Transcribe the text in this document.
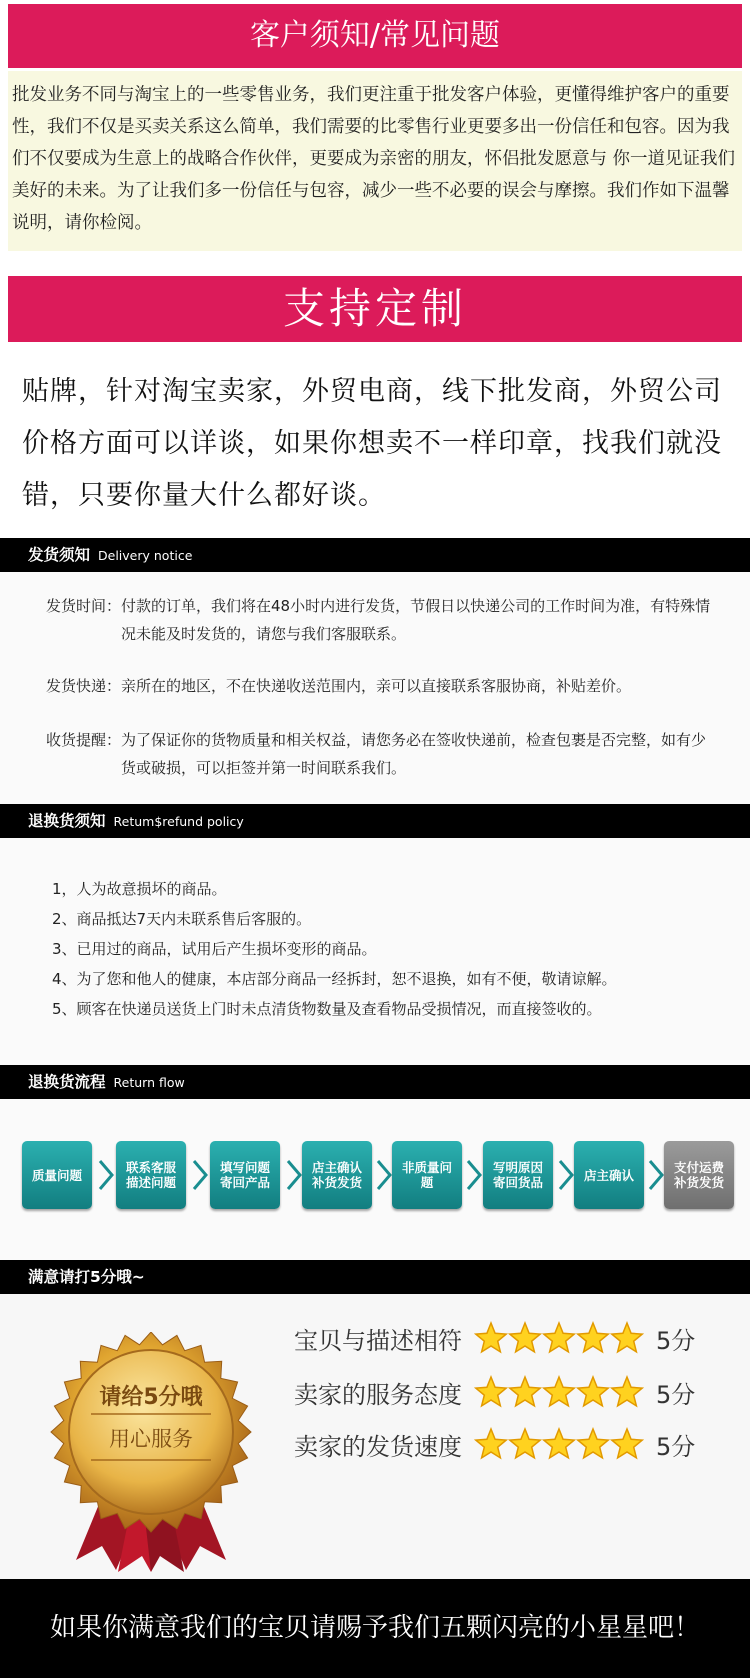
客户须知/常见问题
批发业务不同与淘宝上的一些零售业务，我们更注重于批发客户体验，更懂得维护客户的重要性，我们不仅是买卖关系这么简单，我们需要的比零售行业更要多出一份信任和包容。因为我们不仅要成为生意上的战略合作伙伴，更要成为亲密的朋友，怀侣批发愿意与 你一道见证我们美好的未来。为了让我们多一份信任与包容，减少一些不必要的误会与摩擦。我们作如下温馨说明，请你检阅。
支持定制
贴牌，针对淘宝卖家，外贸电商，线下批发商，外贸公司价格方面可以详谈，如果你想卖不一样印章，找我们就没错，只要你量大什么都好谈。
发货须知 Delivery notice
发货时间： 付款的订单，我们将在48小时内进行发货，节假日以快递公司的工作时间为准，有特殊情况未能及时发货的，请您与我们客服联系。
发货快递： 亲所在的地区，不在快递收送范围内，亲可以直接联系客服协商，补贴差价。
收货提醒： 为了保证你的货物质量和相关权益，请您务必在签收快递前，检查包裹是否完整，如有少货或破损，可以拒签并第一时间联系我们。
退换货须知 Retum$refund policy
1，人为故意损坏的商品。
2、商品抵达7天内未联系售后客服的。
3、已用过的商品，试用后产生损坏变形的商品。
4、为了您和他人的健康，本店部分商品一经拆封，恕不退换，如有不便，敬请谅解。
5、顾客在快递员送货上门时未点清货物数量及查看物品受损情况，而直接签收的。
退换货流程 Return flow
质量问题	联系客服描述问题
填写问题寄回产品
店主确认补货发货
非质量问题
写明原因寄回货品	店主确认	支付运费补货发货
满意请打5分哦~
请给5分哦
用心服务
宝贝与描述相符	5分
卖家的服务态度	5分
卖家的发货速度	5分
如果你满意我们的宝贝请赐予我们五颗闪亮的小星星吧！
